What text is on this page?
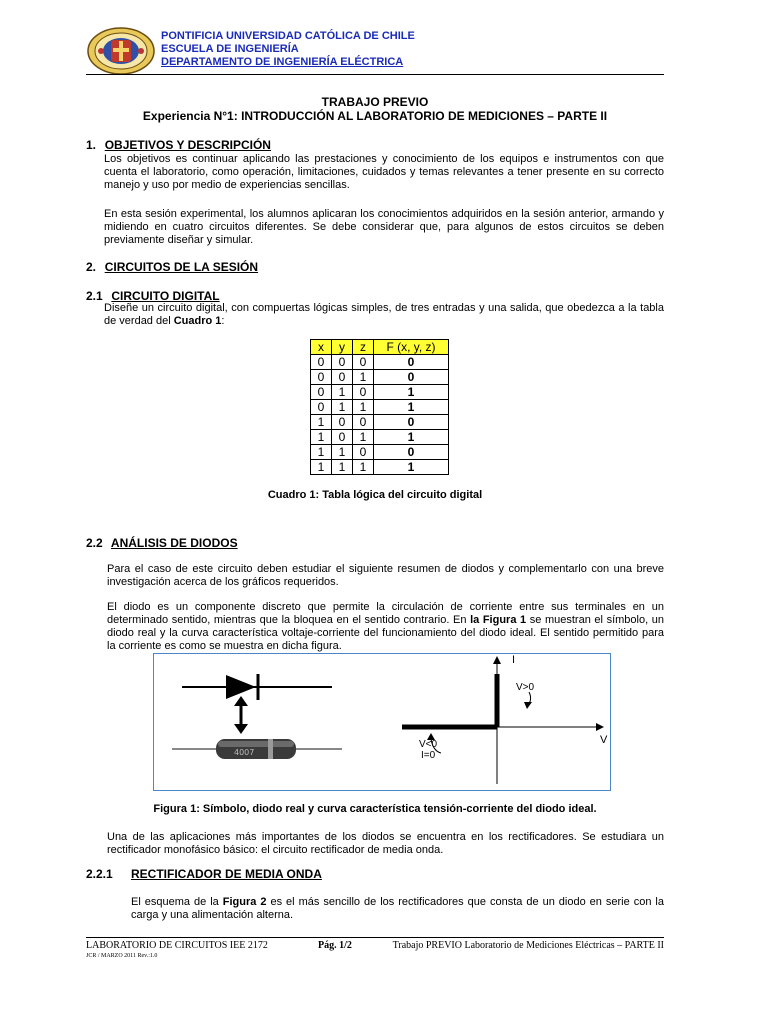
PONTIFICIA UNIVERSIDAD CATÓLICA DE CHILE
ESCUELA DE INGENIERÍA
DEPARTAMENTO DE INGENIERÍA ELÉCTRICA
TRABAJO PREVIO
Experiencia N°1: INTRODUCCIÓN AL LABORATORIO DE MEDICIONES – PARTE II
1. OBJETIVOS Y DESCRIPCIÓN
Los objetivos es continuar aplicando las prestaciones y conocimiento de los equipos e instrumentos con que cuenta el laboratorio, como operación, limitaciones, cuidados y temas relevantes a tener presente en su correcto manejo y uso por medio de experiencias sencillas.
En esta sesión experimental, los alumnos aplicaran los conocimientos adquiridos en la sesión anterior, armando y midiendo en cuatro circuitos diferentes. Se debe considerar que, para algunos de estos circuitos se deben previamente diseñar y simular.
2. CIRCUITOS DE LA SESIÓN
2.1 CIRCUITO DIGITAL
Diseñe un circuito digital, con compuertas lógicas simples, de tres entradas y una salida, que obedezca a la tabla de verdad del Cuadro 1:
x	y	z	F (x, y, z)
0	0	0	0
0	0	1	0
0	1	0	1
0	1	1	1
1	0	0	0
1	0	1	1
1	1	0	0
1	1	1	1
Cuadro 1: Tabla lógica del circuito digital
2.2 ANÁLISIS DE DIODOS
Para el caso de este circuito deben estudiar el siguiente resumen de diodos y complementarlo con una breve investigación acerca de los gráficos requeridos.
El diodo es un componente discreto que permite la circulación de corriente entre sus terminales en un determinado sentido, mientras que la bloquea en el sentido contrario. En la Figura 1 se muestran el símbolo, un diodo real y la curva característica voltaje-corriente del funcionamiento del diodo ideal. El sentido permitido para la corriente es como se muestra en dicha figura.
4007
I
V
V>0
V<0
I=0
Figura 1: Símbolo, diodo real y curva característica tensión-corriente del diodo ideal.
Una de las aplicaciones más importantes de los diodos se encuentra en los rectificadores. Se estudiara un rectificador monofásico básico: el circuito rectificador de media onda.
2.2.1 RECTIFICADOR DE MEDIA ONDA
El esquema de la Figura 2 es el más sencillo de los rectificadores que consta de un diodo en serie con la carga y una alimentación alterna.
LABORATORIO DE CIRCUITOS IEE 2172	Pág. 1/2	Trabajo PREVIO Laboratorio de Mediciones Eléctricas – PARTE II
JCR / MARZO 2011 Rev.:1.0
